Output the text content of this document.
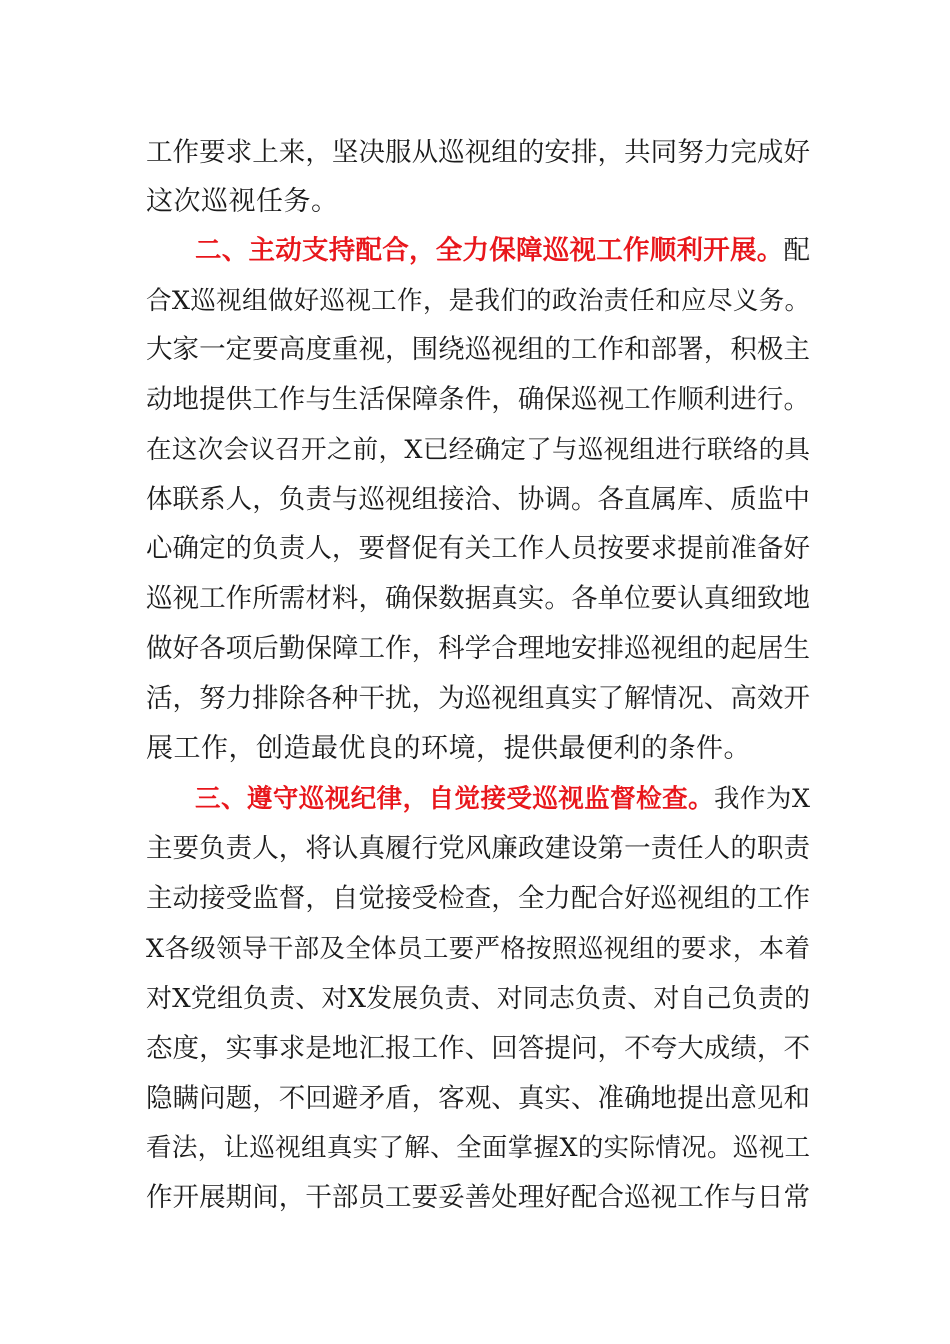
工作要求上来，坚决服从巡视组的安排，共同努力完成好
这次巡视任务。
二、主动支持配合，全力保障巡视工作顺利开展。配
合X巡视组做好巡视工作，是我们的政治责任和应尽义务。
大家一定要高度重视，围绕巡视组的工作和部署，积极主
动地提供工作与生活保障条件，确保巡视工作顺利进行。
在这次会议召开之前，X已经确定了与巡视组进行联络的具
体联系人，负责与巡视组接洽、协调。各直属库、质监中
心确定的负责人，要督促有关工作人员按要求提前准备好
巡视工作所需材料，确保数据真实。各单位要认真细致地
做好各项后勤保障工作，科学合理地安排巡视组的起居生
活，努力排除各种干扰，为巡视组真实了解情况、高效开
展工作，创造最优良的环境，提供最便利的条件。
三、遵守巡视纪律，自觉接受巡视监督检查。我作为X
主要负责人，将认真履行党风廉政建设第一责任人的职责
主动接受监督，自觉接受检查，全力配合好巡视组的工作
X各级领导干部及全体员工要严格按照巡视组的要求，本着
对X党组负责、对X发展负责、对同志负责、对自己负责的
态度，实事求是地汇报工作、回答提问，不夸大成绩，不
隐瞒问题，不回避矛盾，客观、真实、准确地提出意见和
看法，让巡视组真实了解、全面掌握X的实际情况。巡视工
作开展期间，干部员工要妥善处理好配合巡视工作与日常
